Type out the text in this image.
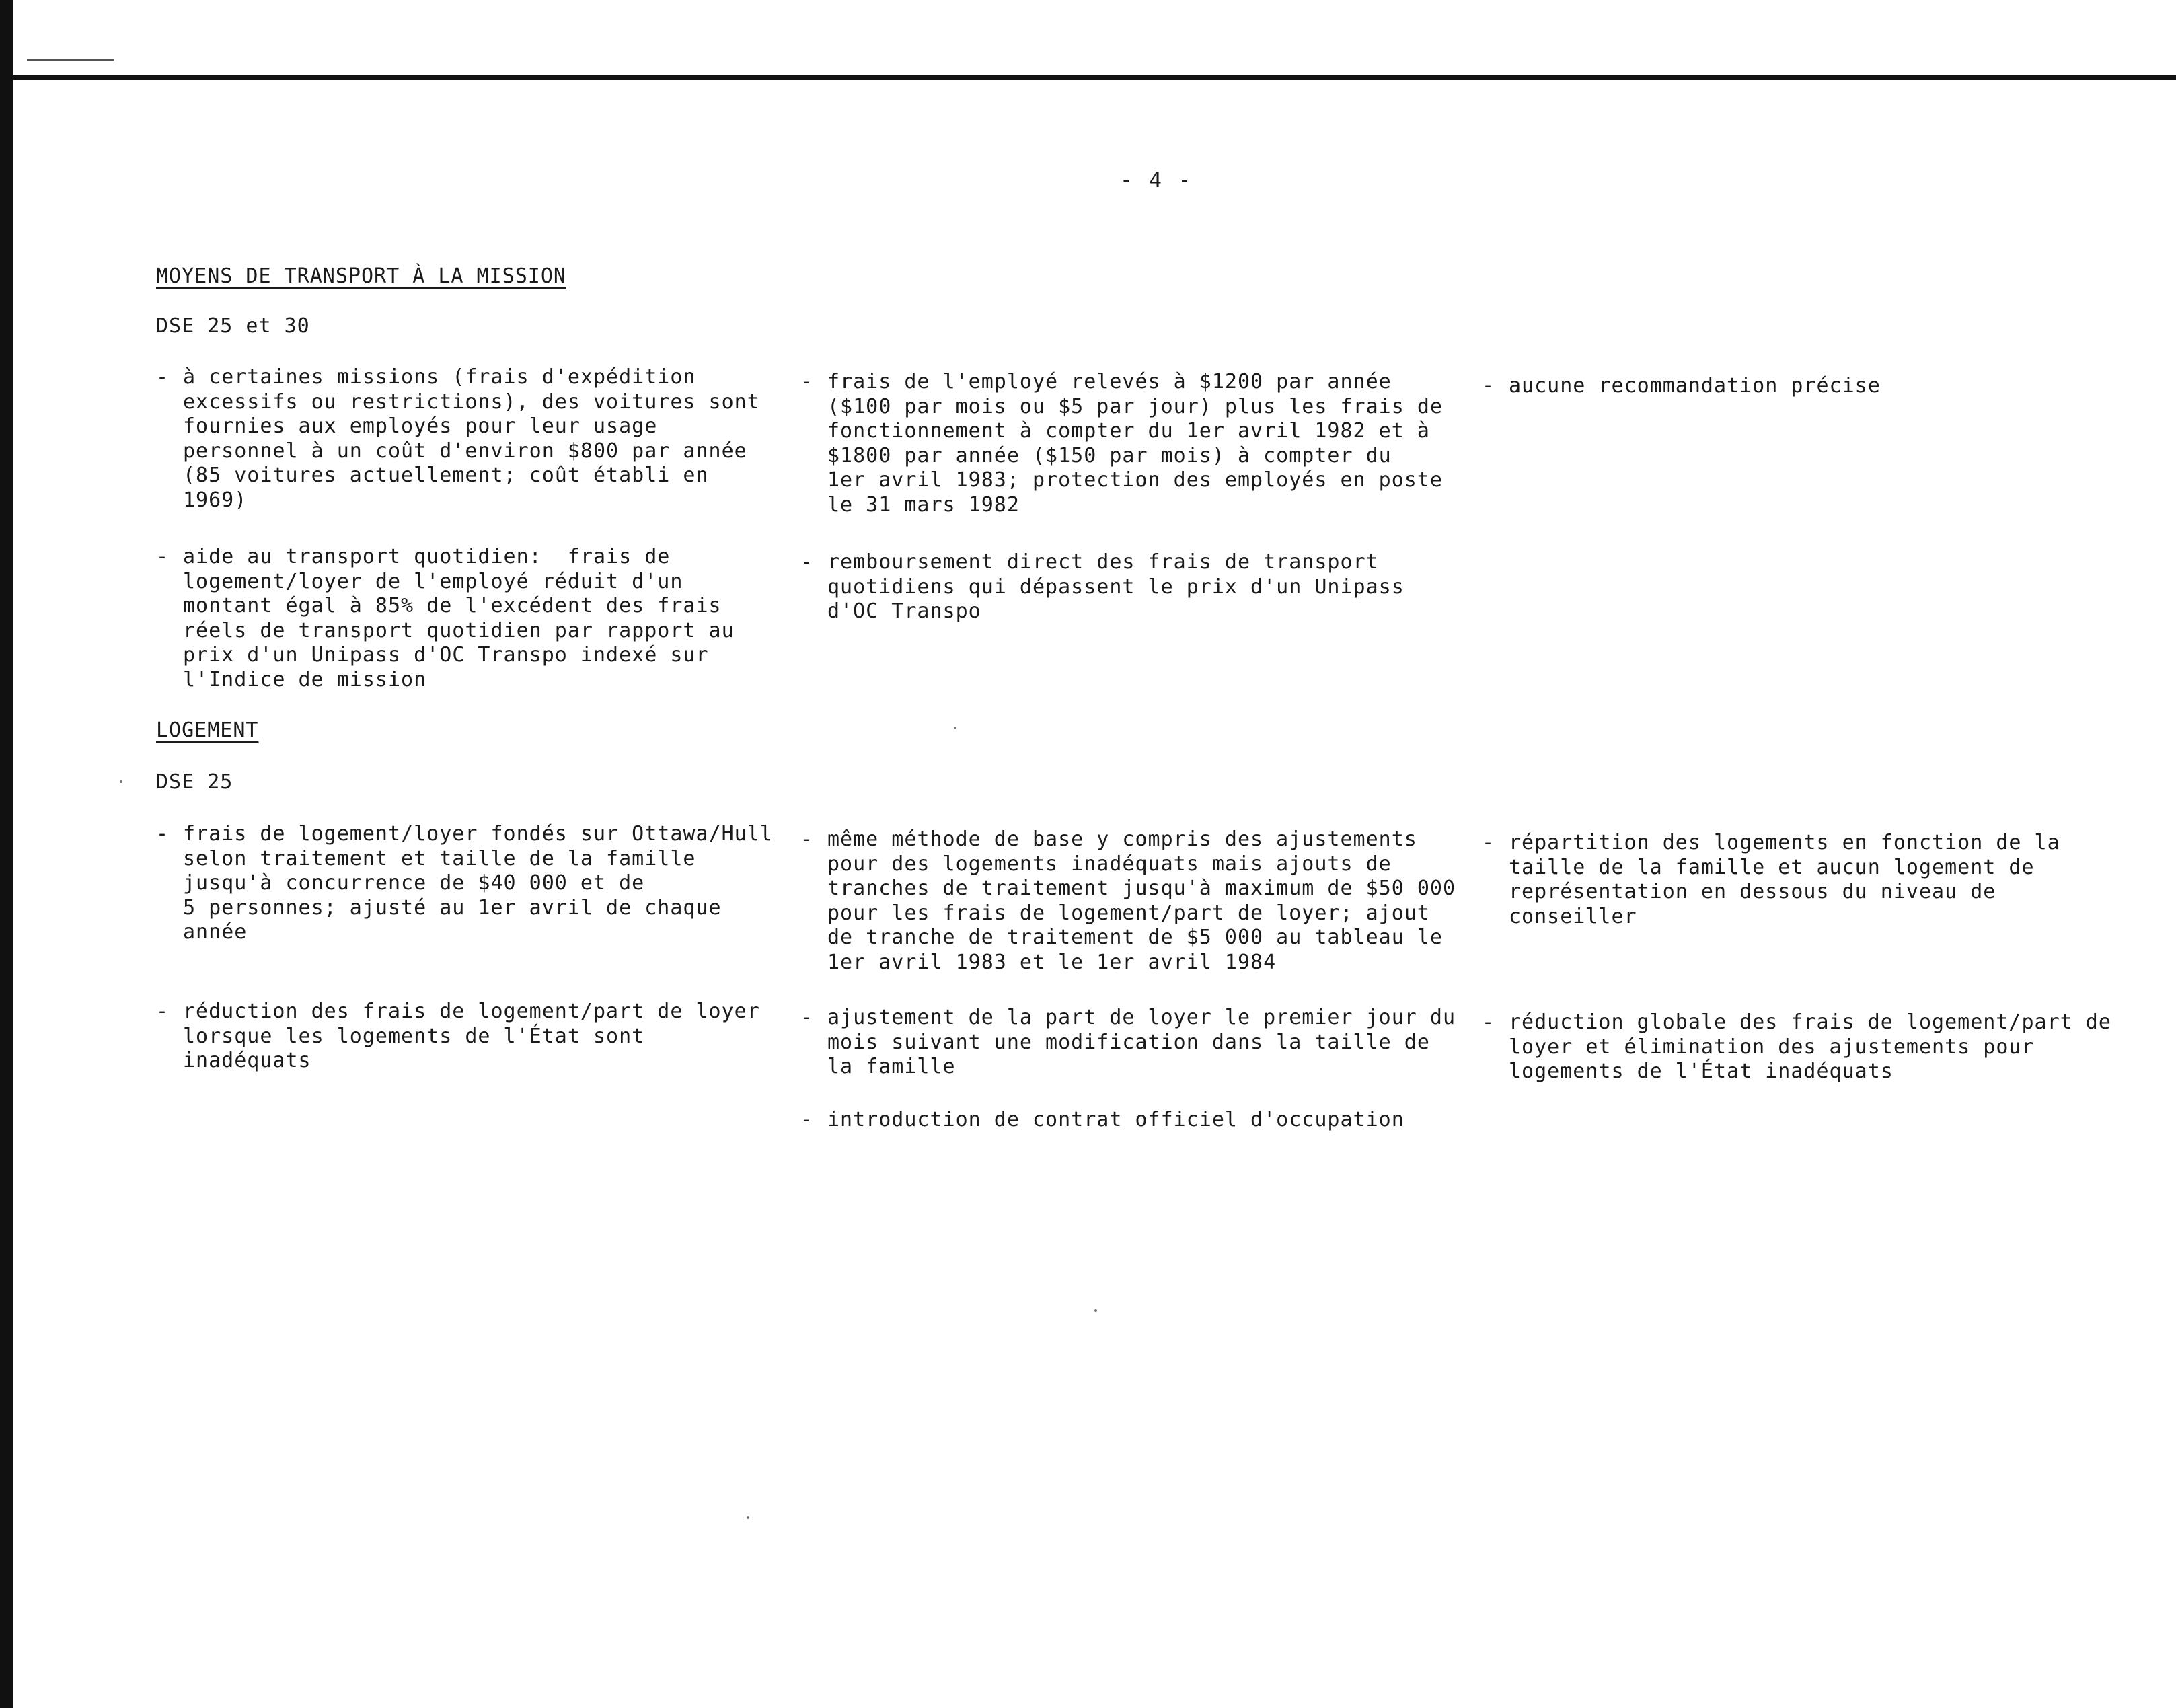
- 4 -
MOYENS DE TRANSPORT À LA MISSION
DSE 25 et 30
- à certaines missions (frais d'expédition
excessifs ou restrictions), des voitures sont
fournies aux employés pour leur usage
personnel à un coût d'environ $800 par année
(85 voitures actuellement; coût établi en
1969)
- frais de l'employé relevés à $1200 par année
($100 par mois ou $5 par jour) plus les frais de
fonctionnement à compter du 1er avril 1982 et à
$1800 par année ($150 par mois) à compter du
1er avril 1983; protection des employés en poste
le 31 mars 1982
- aucune recommandation précise
- aide au transport quotidien:  frais de
logement/loyer de l'employé réduit d'un
montant égal à 85% de l'excédent des frais
réels de transport quotidien par rapport au
prix d'un Unipass d'OC Transpo indexé sur
l'Indice de mission
- remboursement direct des frais de transport
quotidiens qui dépassent le prix d'un Unipass
d'OC Transpo
LOGEMENT
DSE 25
- frais de logement/loyer fondés sur Ottawa/Hull
selon traitement et taille de la famille
jusqu'à concurrence de $40 000 et de
5 personnes; ajusté au 1er avril de chaque
année
- même méthode de base y compris des ajustements
pour des logements inadéquats mais ajouts de
tranches de traitement jusqu'à maximum de $50 000
pour les frais de logement/part de loyer; ajout
de tranche de traitement de $5 000 au tableau le
1er avril 1983 et le 1er avril 1984
- répartition des logements en fonction de la
taille de la famille et aucun logement de
représentation en dessous du niveau de
conseiller
- réduction des frais de logement/part de loyer
lorsque les logements de l'État sont
inadéquats
- ajustement de la part de loyer le premier jour du
mois suivant une modification dans la taille de
la famille
- réduction globale des frais de logement/part de
loyer et élimination des ajustements pour
logements de l'État inadéquats
- introduction de contrat officiel d'occupation
